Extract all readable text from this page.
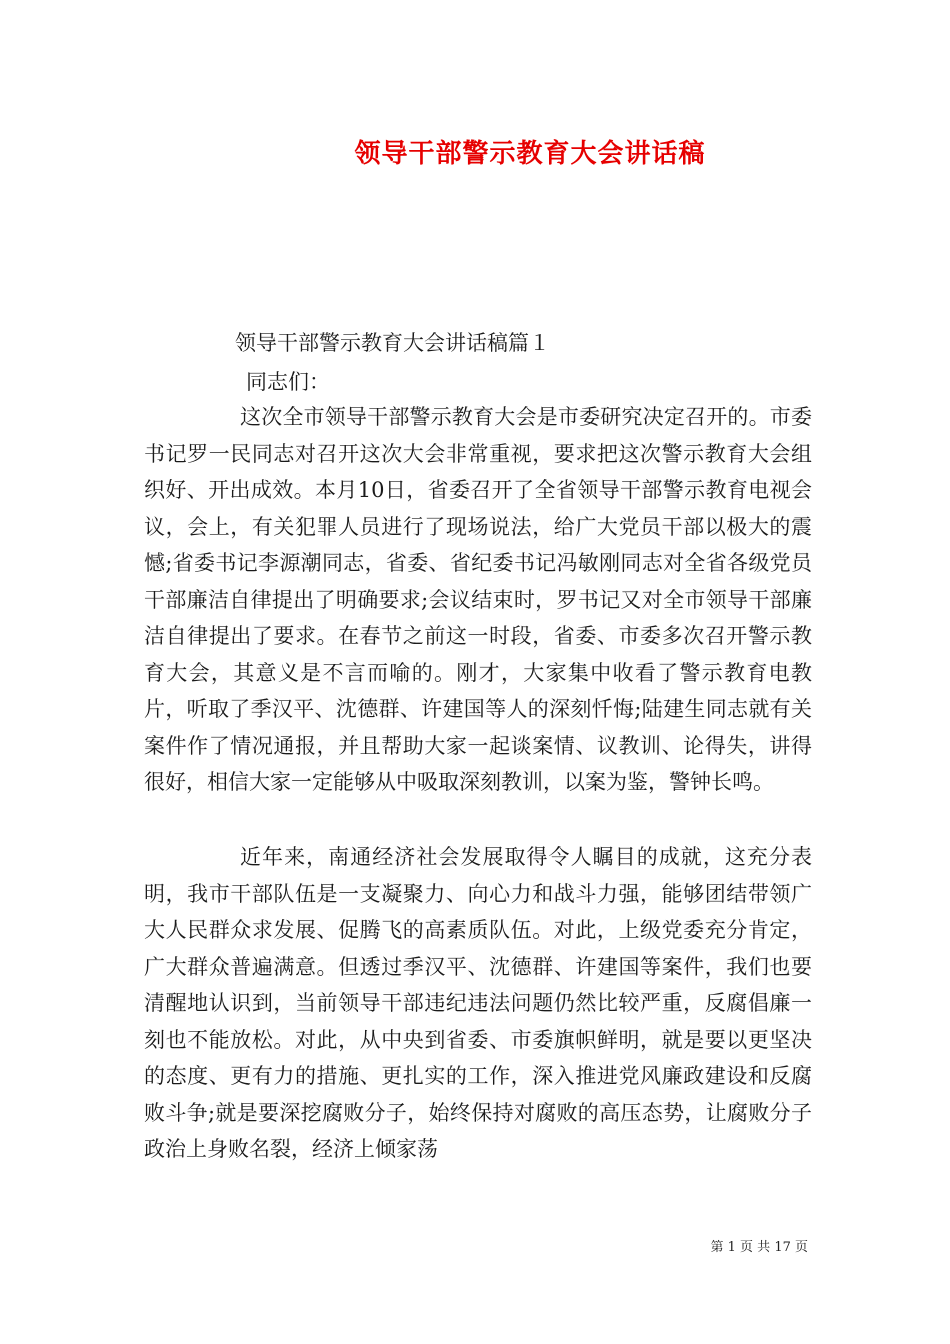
领导干部警示教育大会讲话稿
领导干部警示教育大会讲话稿篇１
同志们：

这次全市领导干部警示教育大会是市委研究决定召开的。市委书记罗一民同志对召开这次大会非常重视，要求把这次警示教育大会组织好、开出成效。本月10日，省委召开了全省领导干部警示教育电视会议，会上，有关犯罪人员进行了现场说法，给广大党员干部以极大的震憾;省委书记李源潮同志，省委、省纪委书记冯敏刚同志对全省各级党员干部廉洁自律提出了明确要求;会议结束时，罗书记又对全市领导干部廉洁自律提出了要求。在春节之前这一时段，省委、市委多次召开警示教育大会，其意义是不言而喻的。刚才，大家集中收看了警示教育电教片，听取了季汉平、沈德群、许建国等人的深刻忏悔;陆建生同志就有关案件作了情况通报，并且帮助大家一起谈案情、议教训、论得失，讲得很好，相信大家一定能够从中吸取深刻教训，以案为鉴，警钟长鸣。

近年来，南通经济社会发展取得令人瞩目的成就，这充分表明，我市干部队伍是一支凝聚力、向心力和战斗力强，能够团结带领广大人民群众求发展、促腾飞的高素质队伍。对此，上级党委充分肯定，广大群众普遍满意。但透过季汉平、沈德群、许建国等案件，我们也要清醒地认识到，当前领导干部违纪违法问题仍然比较严重，反腐倡廉一刻也不能放松。对此，从中央到省委、市委旗帜鲜明，就是要以更坚决的态度、更有力的措施、更扎实的工作，深入推进党风廉政建设和反腐败斗争;就是要深挖腐败分子，始终保持对腐败的高压态势，让腐败分子政治上身败名裂，经济上倾家荡

第 1 页 共 17 页
